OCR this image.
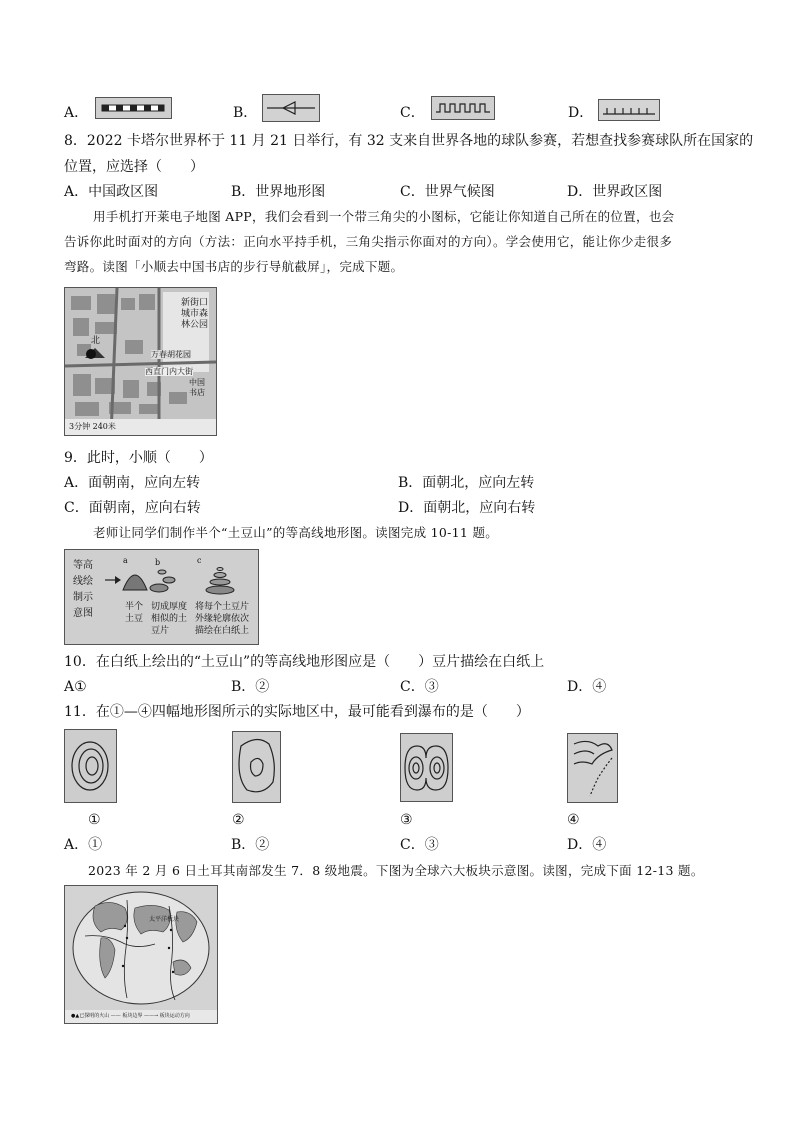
A．	B．	C．	D．
8．2022 卡塔尔世界杯于 11 月 21 日举行，有 32 支来自世界各地的球队参赛，若想查找参赛球队所在国家的
位置，应选择（　　）
A．中国政区图	B．世界地形图	C．世界气候图	D．世界政区图
用手机打开莱电子地图 APP，我们会看到一个带三角尖的小图标，它能让你知道自己所在的位置，也会
告诉你此时面对的方向（方法：正向水平持手机，三角尖指示你面对的方向）。学会使用它，能让你少走很多
弯路。读图「小顺去中国书店的步行导航截屏」，完成下题。
新街口
城市森
林公园
北
万春胡花园
西直门内大街
中国
书店
3分钟 240米
9．此时，小顺（　　）
A．面朝南，应向左转	B．面朝北，应向左转
C．面朝南，应向右转	D．面朝北，应向右转
老师让同学们制作半个“土豆山”的等高线地形图。读图完成 10-11 题。
等高
线绘
制示
意图
a	b	c
半个
土豆
切成厚度
相似的土
豆片
将每个土豆片
外缘轮廓依次
描绘在白纸上
10．在白纸上绘出的“土豆山”的等高线地形图应是（　　）豆片描绘在白纸上
A①	B．②	C．③	D．④
11．在①—④四幅地形图所示的实际地区中，最可能看到瀑布的是（　　）
①	②	③	④
A．①	B．②	C．③	D．④
2023 年 2 月 6 日土耳其南部发生 7．8 级地震。下图为全球六大板块示意图。读图，完成下面 12-13 题。
太平洋板块
●▲已探明的火山 —— 板块边界 ——→ 板块运动方向
